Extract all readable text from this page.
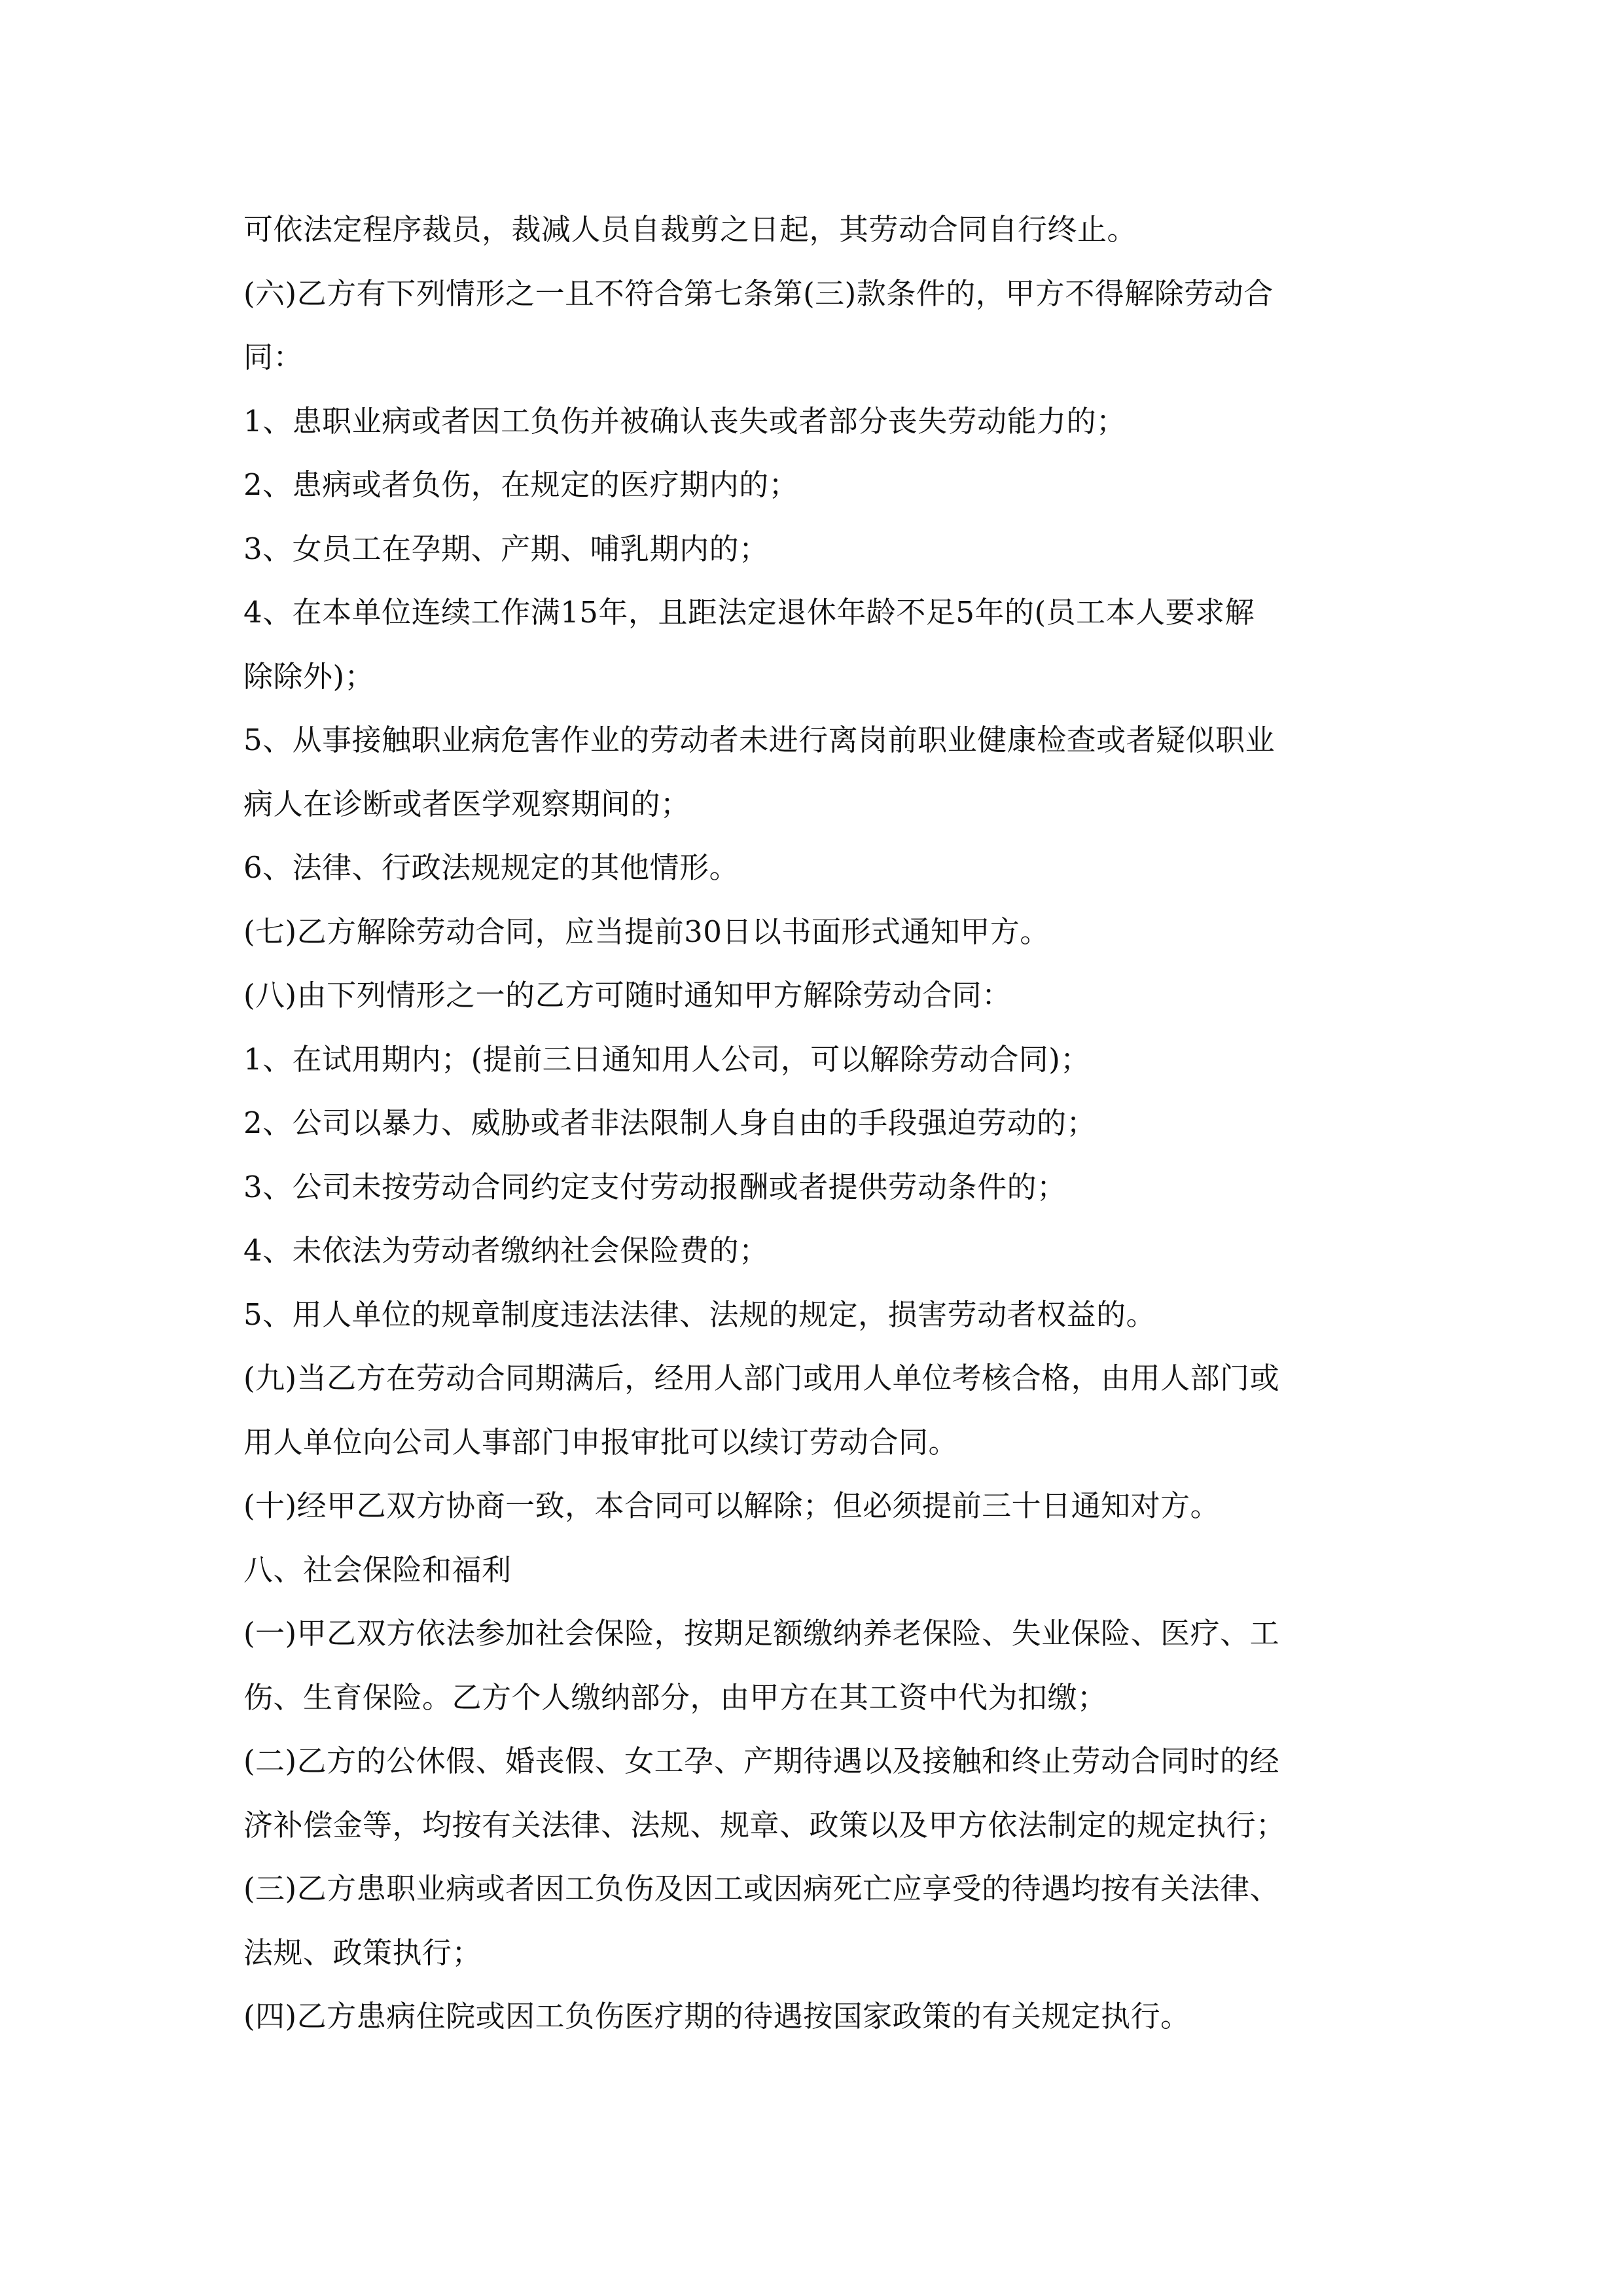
可依法定程序裁员，裁减人员自裁剪之日起，其劳动合同自行终止。
(六)乙方有下列情形之一且不符合第七条第(三)款条件的，甲方不得解除劳动合
同：
1、患职业病或者因工负伤并被确认丧失或者部分丧失劳动能力的；
2、患病或者负伤，在规定的医疗期内的；
3、女员工在孕期、产期、哺乳期内的；
4、在本单位连续工作满15年，且距法定退休年龄不足5年的(员工本人要求解
除除外)；
5、从事接触职业病危害作业的劳动者未进行离岗前职业健康检查或者疑似职业
病人在诊断或者医学观察期间的；
6、法律、行政法规规定的其他情形。
(七)乙方解除劳动合同，应当提前30日以书面形式通知甲方。
(八)由下列情形之一的乙方可随时通知甲方解除劳动合同：
1、在试用期内；(提前三日通知用人公司，可以解除劳动合同)；
2、公司以暴力、威胁或者非法限制人身自由的手段强迫劳动的；
3、公司未按劳动合同约定支付劳动报酬或者提供劳动条件的；
4、未依法为劳动者缴纳社会保险费的；
5、用人单位的规章制度违法法律、法规的规定，损害劳动者权益的。
(九)当乙方在劳动合同期满后，经用人部门或用人单位考核合格，由用人部门或
用人单位向公司人事部门申报审批可以续订劳动合同。
(十)经甲乙双方协商一致，本合同可以解除；但必须提前三十日通知对方。
八、社会保险和福利
(一)甲乙双方依法参加社会保险，按期足额缴纳养老保险、失业保险、医疗、工
伤、生育保险。乙方个人缴纳部分，由甲方在其工资中代为扣缴；
(二)乙方的公休假、婚丧假、女工孕、产期待遇以及接触和终止劳动合同时的经
济补偿金等，均按有关法律、法规、规章、政策以及甲方依法制定的规定执行；
(三)乙方患职业病或者因工负伤及因工或因病死亡应享受的待遇均按有关法律、
法规、政策执行；
(四)乙方患病住院或因工负伤医疗期的待遇按国家政策的有关规定执行。
